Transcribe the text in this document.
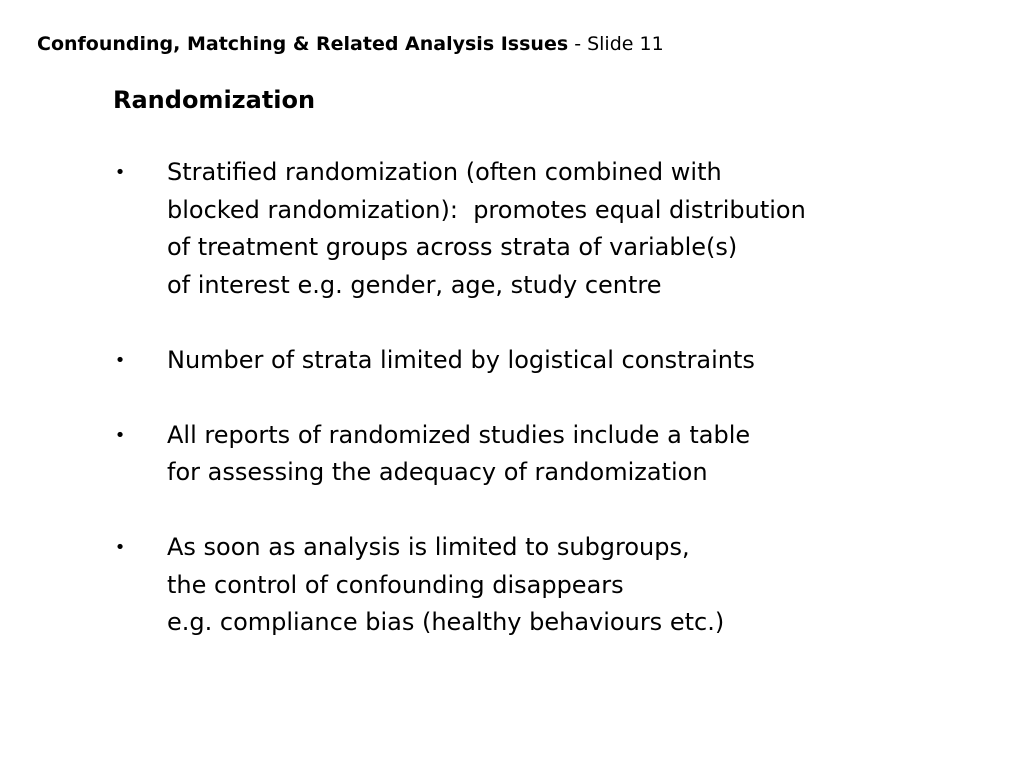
Confounding, Matching & Related Analysis Issues - Slide 11
Randomization
• Stratified randomization (often combined with
blocked randomization):  promotes equal distribution
of treatment groups across strata of variable(s)
of interest e.g. gender, age, study centre
• Number of strata limited by logistical constraints
• All reports of randomized studies include a table
for assessing the adequacy of randomization
• As soon as analysis is limited to subgroups,
the control of confounding disappears
e.g. compliance bias (healthy behaviours etc.)
